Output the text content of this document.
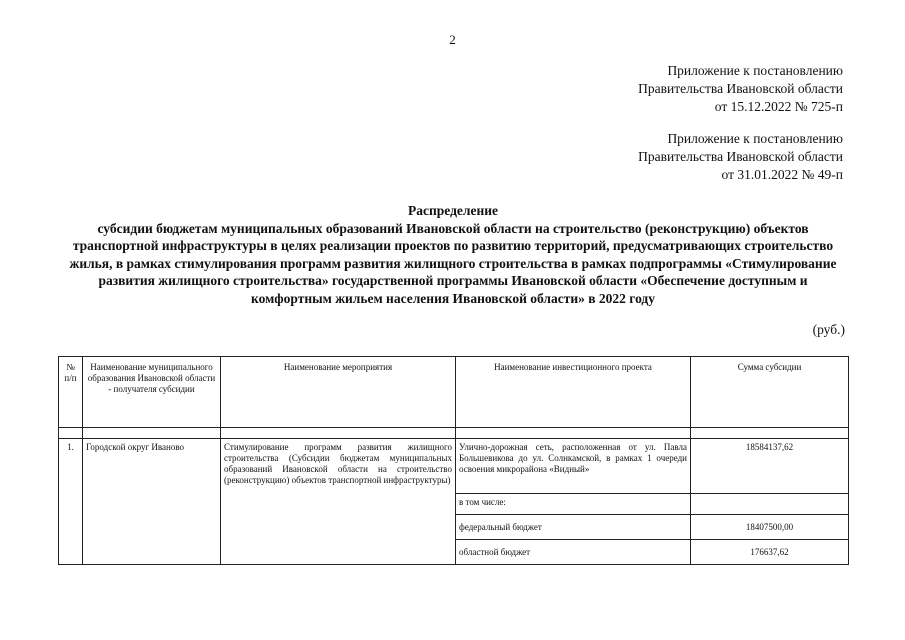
2
Приложение к постановлению
Правительства Ивановской области
от 15.12.2022 № 725-п
Приложение к постановлению
Правительства Ивановской области
от 31.01.2022 № 49-п
Распределение
субсидии бюджетам муниципальных образований Ивановской области на строительство (реконструкцию) объектов транспортной инфраструктуры в целях реализации проектов по развитию территорий, предусматривающих строительство жилья, в рамках стимулирования программ развития жилищного строительства в рамках подпрограммы «Стимулирование развития жилищного строительства» государственной программы Ивановской области «Обеспечение доступным и комфортным жильем населения Ивановской области» в 2022 году
(руб.)
№ п/п	Наименование муниципального образования Ивановской области - получателя субсидии	Наименование мероприятия	Наименование инвестиционного проекта	Сумма субсидии

1.	Городской округ Иваново	Стимулирование программ развития жилищного строительства (Субсидии бюджетам муниципальных образований Ивановской области на строительство (реконструкцию) объектов транспортной инфраструктуры)	Улично-дорожная сеть, расположенная от ул. Павла Большевикова до ул. Солнкамской, в рамках 1 очереди освоения микрорайона «Видный»	18584137,62
			в том числе:	
			федеральный бюджет	18407500,00
			областной бюджет	176637,62
